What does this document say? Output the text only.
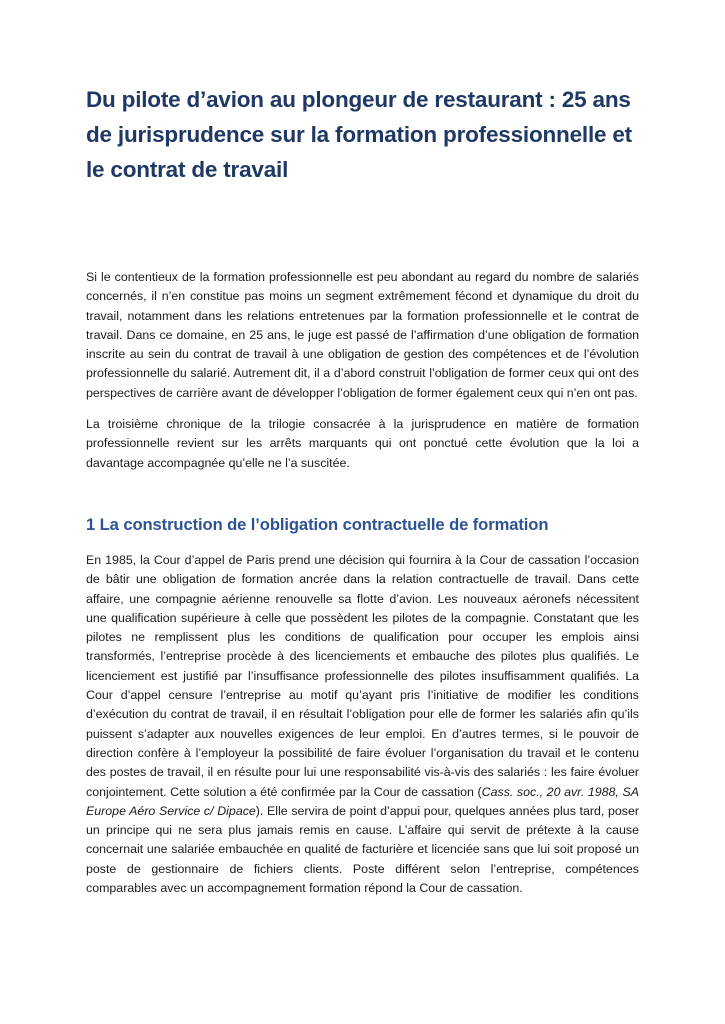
Du pilote d’avion au plongeur de restaurant : 25 ans de jurisprudence sur la formation professionnelle et le contrat de travail

Si le contentieux de la formation professionnelle est peu abondant au regard du nombre de salariés concernés, il n’en constitue pas moins un segment extrêmement fécond et dynamique du droit du travail, notamment dans les relations entretenues par la formation professionnelle et le contrat de travail. Dans ce domaine, en 25 ans, le juge est passé de l’affirmation d’une obligation de formation inscrite au sein du contrat de travail à une obligation de gestion des compétences et de l’évolution professionnelle du salarié. Autrement dit, il a d’abord construit l’obligation de former ceux qui ont des perspectives de carrière avant de développer l’obligation de former également ceux qui n’en ont pas.

La troisième chronique de la trilogie consacrée à la jurisprudence en matière de formation professionnelle revient sur les arrêts marquants qui ont ponctué cette évolution que la loi a davantage accompagnée qu’elle ne l’a suscitée.

1 La construction de l’obligation contractuelle de formation

En 1985, la Cour d’appel de Paris prend une décision qui fournira à la Cour de cassation l’occasion de bâtir une obligation de formation ancrée dans la relation contractuelle de travail. Dans cette affaire, une compagnie aérienne renouvelle sa flotte d’avion. Les nouveaux aéronefs nécessitent une qualification supérieure à celle que possèdent les pilotes de la compagnie. Constatant que les pilotes ne remplissent plus les conditions de qualification pour occuper les emplois ainsi transformés, l’entreprise procède à des licenciements et embauche des pilotes plus qualifiés. Le licenciement est justifié par l’insuffisance professionnelle des pilotes insuffisamment qualifiés. La Cour d’appel censure l’entreprise au motif qu’ayant pris l’initiative de modifier les conditions d’exécution du contrat de travail, il en résultait l’obligation pour elle de former les salariés afin qu’ils puissent s’adapter aux nouvelles exigences de leur emploi. En d’autres termes, si le pouvoir de direction confère à l’employeur la possibilité de faire évoluer l’organisation du travail et le contenu des postes de travail, il en résulte pour lui une responsabilité vis-à-vis des salariés : les faire évoluer conjointement. Cette solution a été confirmée par la Cour de cassation (Cass. soc., 20 avr. 1988, SA Europe Aéro Service c/ Dipace). Elle servira de point d’appui pour, quelques années plus tard, poser un principe qui ne sera plus jamais remis en cause. L’affaire qui servit de prétexte à la cause concernait une salariée embauchée en qualité de facturière et licenciée sans que lui soit proposé un poste de gestionnaire de fichiers clients. Poste différent selon l’entreprise, compétences comparables avec un accompagnement formation répond la Cour de cassation.
